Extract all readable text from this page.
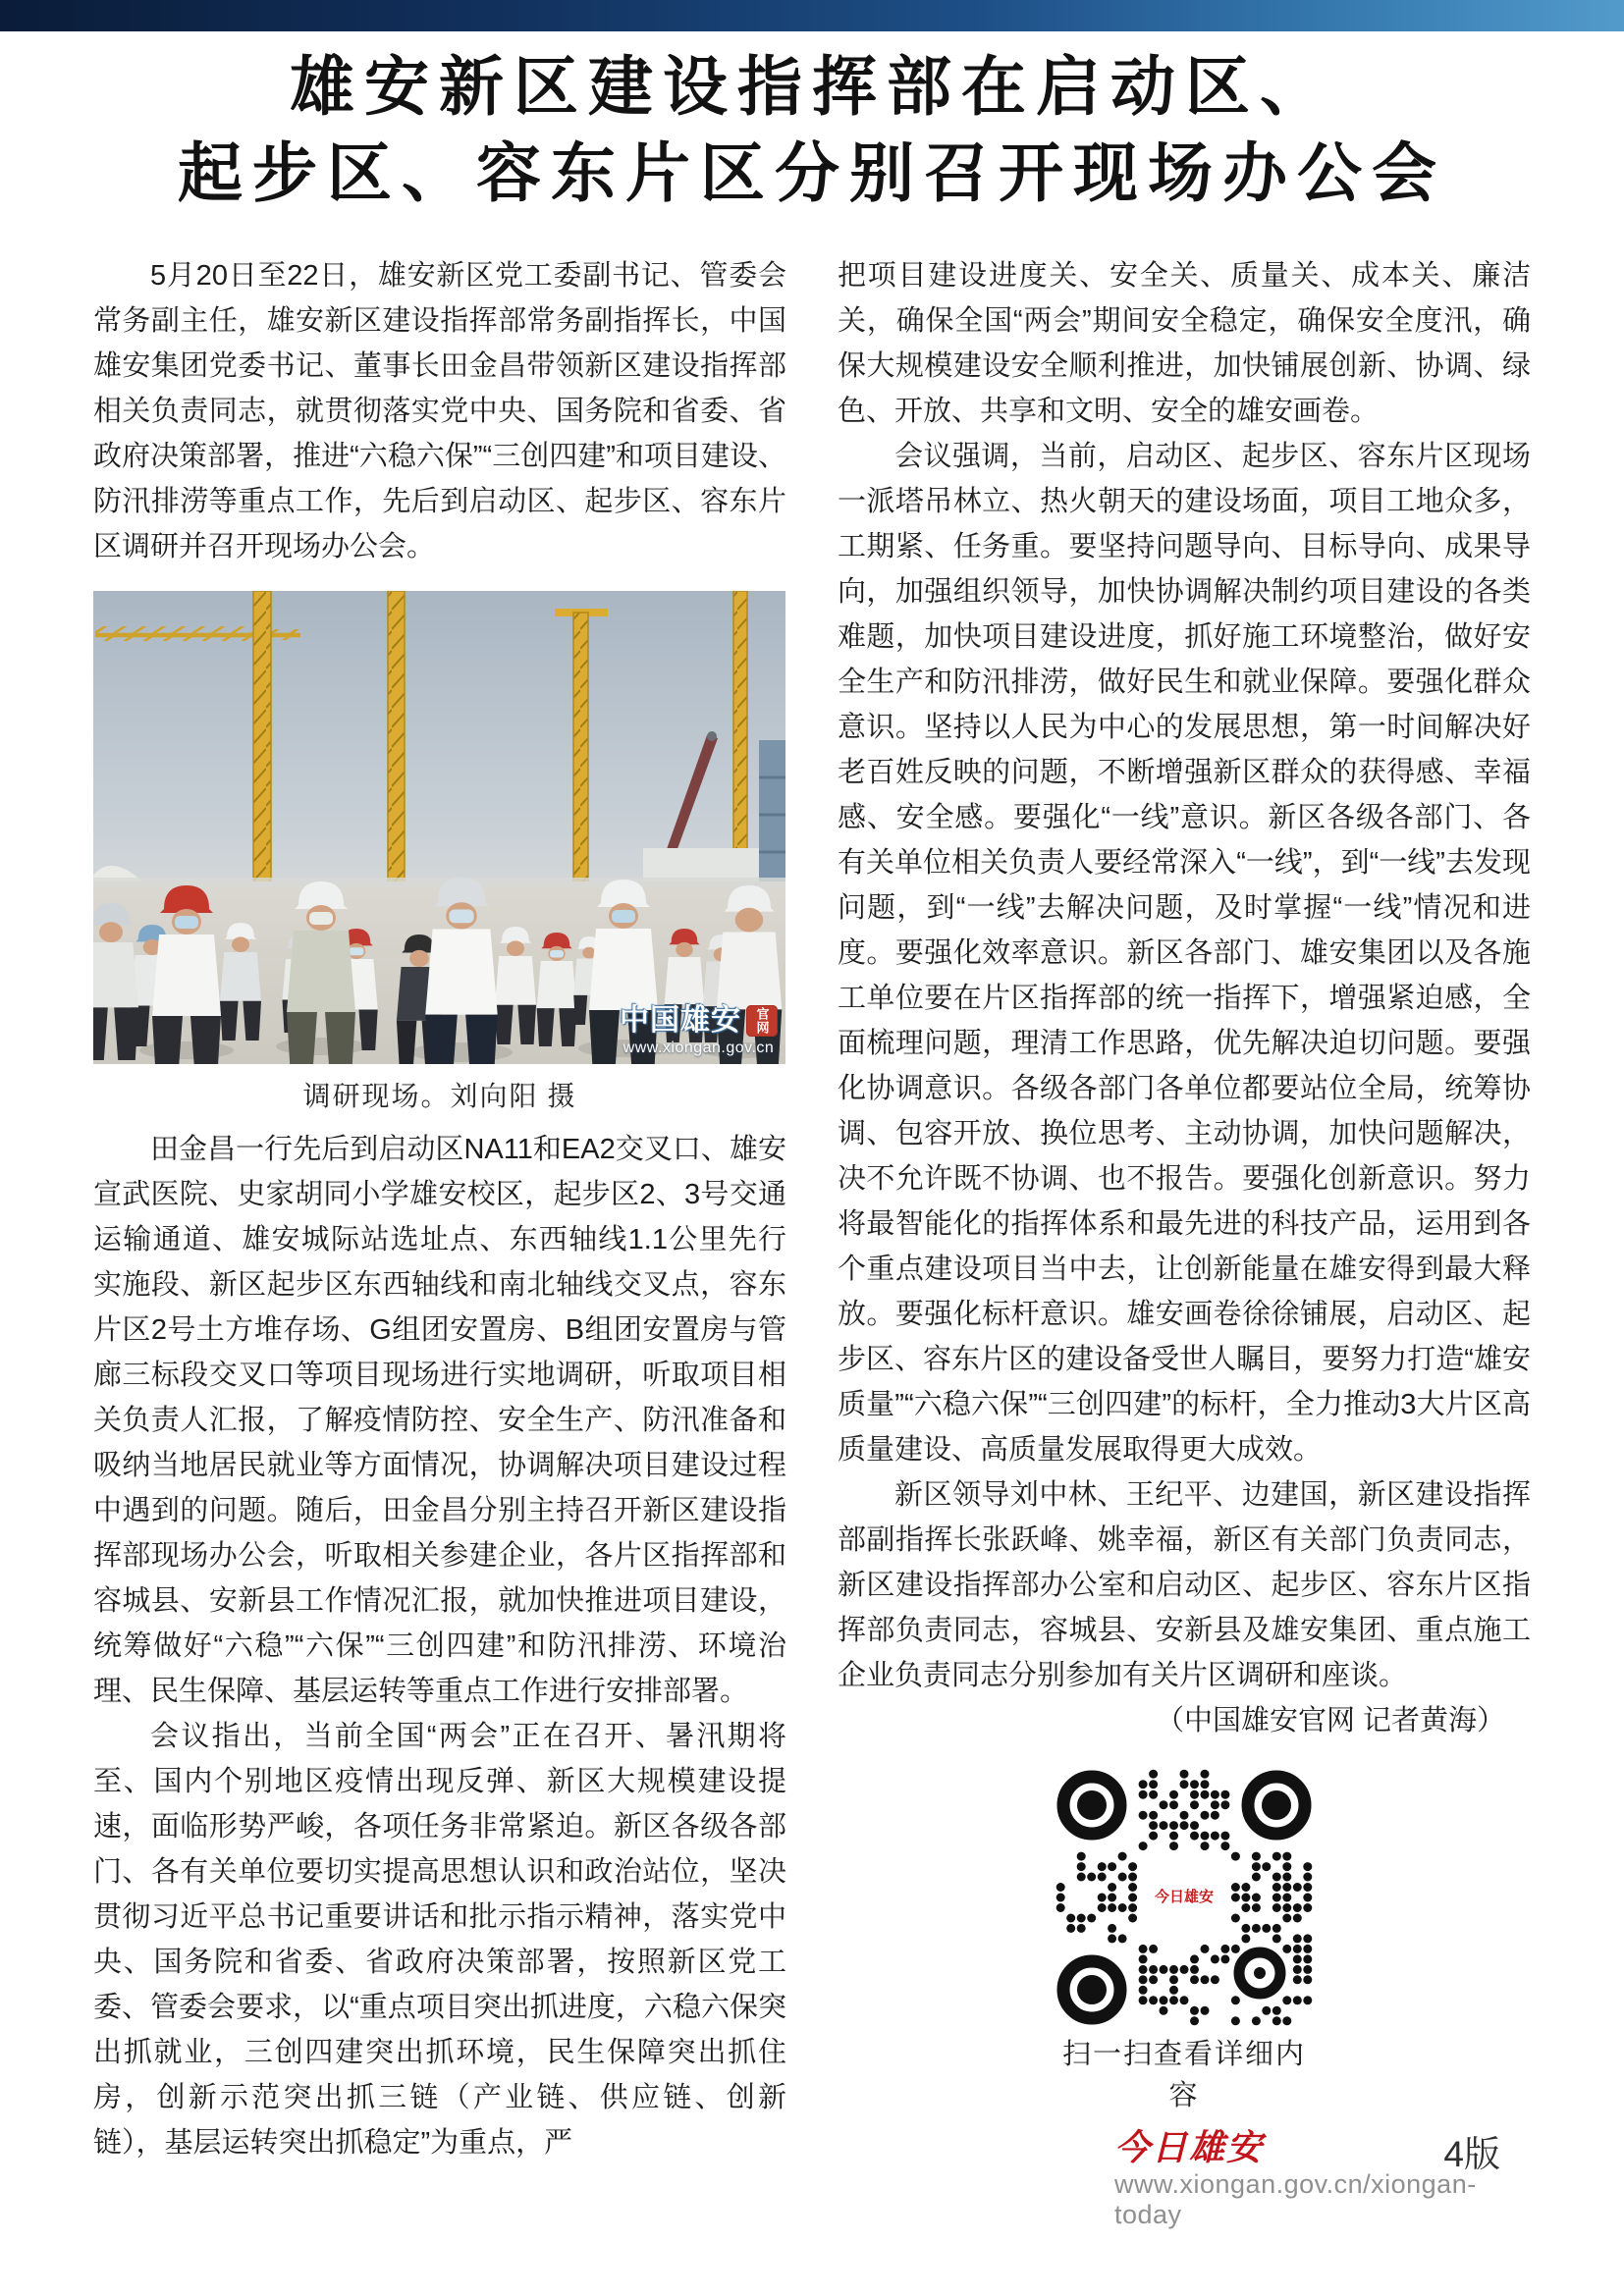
雄安新区建设指挥部在启动区、
起步区、容东片区分别召开现场办公会

5月20日至22日，雄安新区党工委副书记、管委会常务副主任，雄安新区建设指挥部常务副指挥长，中国雄安集团党委书记、董事长田金昌带领新区建设指挥部相关负责同志，就贯彻落实党中央、国务院和省委、省政府决策部署，推进“六稳六保”“三创四建”和项目建设、防汛排涝等重点工作，先后到启动区、起步区、容东片区调研并召开现场办公会。

中国雄安	官网
www.xiongan.gov.cn
调研现场。刘向阳 摄

田金昌一行先后到启动区NA11和EA2交叉口、雄安宣武医院、史家胡同小学雄安校区，起步区2、3号交通运输通道、雄安城际站选址点、东西轴线1.1公里先行实施段、新区起步区东西轴线和南北轴线交叉点，容东片区2号土方堆存场、G组团安置房、B组团安置房与管廊三标段交叉口等项目现场进行实地调研，听取项目相关负责人汇报，了解疫情防控、安全生产、防汛准备和吸纳当地居民就业等方面情况，协调解决项目建设过程中遇到的问题。随后，田金昌分别主持召开新区建设指挥部现场办公会，听取相关参建企业，各片区指挥部和容城县、安新县工作情况汇报，就加快推进项目建设，统筹做好“六稳”“六保”“三创四建”和防汛排涝、环境治理、民生保障、基层运转等重点工作进行安排部署。

会议指出，当前全国“两会”正在召开、暑汛期将至、国内个别地区疫情出现反弹、新区大规模建设提速，面临形势严峻，各项任务非常紧迫。新区各级各部门、各有关单位要切实提高思想认识和政治站位，坚决贯彻习近平总书记重要讲话和批示指示精神，落实党中央、国务院和省委、省政府决策部署，按照新区党工委、管委会要求，以“重点项目突出抓进度，六稳六保突出抓就业，三创四建突出抓环境，民生保障突出抓住房，创新示范突出抓三链（产业链、供应链、创新链），基层运转突出抓稳定”为重点，严

把项目建设进度关、安全关、质量关、成本关、廉洁关，确保全国“两会”期间安全稳定，确保安全度汛，确保大规模建设安全顺利推进，加快铺展创新、协调、绿色、开放、共享和文明、安全的雄安画卷。

会议强调，当前，启动区、起步区、容东片区现场一派塔吊林立、热火朝天的建设场面，项目工地众多，工期紧、任务重。要坚持问题导向、目标导向、成果导向，加强组织领导，加快协调解决制约项目建设的各类难题，加快项目建设进度，抓好施工环境整治，做好安全生产和防汛排涝，做好民生和就业保障。要强化群众意识。坚持以人民为中心的发展思想，第一时间解决好老百姓反映的问题，不断增强新区群众的获得感、幸福感、安全感。要强化“一线”意识。新区各级各部门、各有关单位相关负责人要经常深入“一线”，到“一线”去发现问题，到“一线”去解决问题，及时掌握“一线”情况和进度。要强化效率意识。新区各部门、雄安集团以及各施工单位要在片区指挥部的统一指挥下，增强紧迫感，全面梳理问题，理清工作思路，优先解决迫切问题。要强化协调意识。各级各部门各单位都要站位全局，统筹协调、包容开放、换位思考、主动协调，加快问题解决，决不允许既不协调、也不报告。要强化创新意识。努力将最智能化的指挥体系和最先进的科技产品，运用到各个重点建设项目当中去，让创新能量在雄安得到最大释放。要强化标杆意识。雄安画卷徐徐铺展，启动区、起步区、容东片区的建设备受世人瞩目，要努力打造“雄安质量”“六稳六保”“三创四建”的标杆，全力推动3大片区高质量建设、高质量发展取得更大成效。

新区领导刘中林、王纪平、边建国，新区建设指挥部副指挥长张跃峰、姚幸福，新区有关部门负责同志，新区建设指挥部办公室和启动区、起步区、容东片区指挥部负责同志，容城县、安新县及雄安集团、重点施工企业负责同志分别参加有关片区调研和座谈。

（中国雄安官网 记者黄海）

今日雄安
扫一扫查看详细内容
今日雄安	4版
www.xiongan.gov.cn/xiongan-today
